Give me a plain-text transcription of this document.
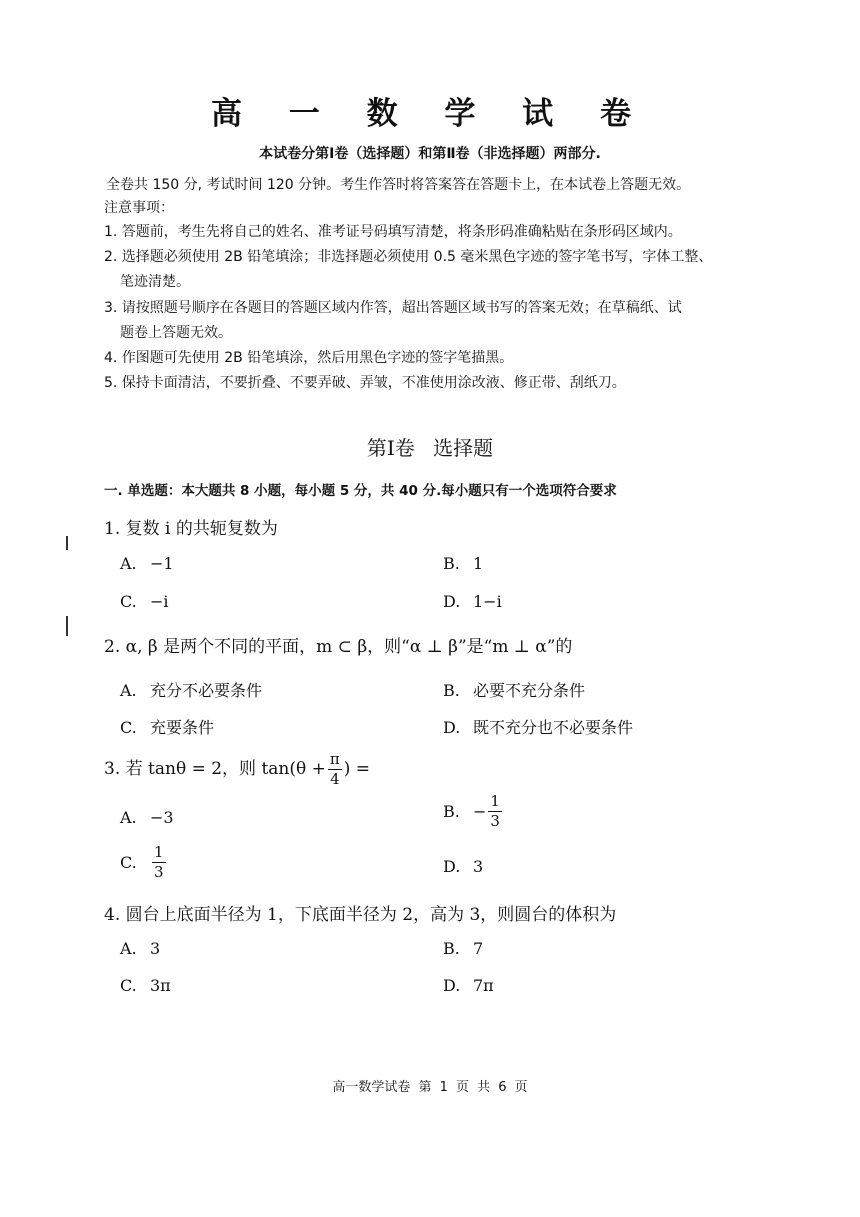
高 一 数 学 试 卷
本试卷分第Ⅰ卷（选择题）和第Ⅱ卷（非选择题）两部分.
全卷共 150 分, 考试时间 120 分钟。考生作答时将答案答在答题卡上，在本试卷上答题无效。
注意事项：
1. 答题前，考生先将自己的姓名、准考证号码填写清楚，将条形码准确粘贴在条形码区域内。
2. 选择题必须使用 2B 铅笔填涂；非选择题必须使用 0.5 毫米黑色字迹的签字笔书写，字体工整、
笔迹清楚。
3. 请按照题号顺序在各题目的答题区域内作答，超出答题区域书写的答案无效；在草稿纸、试
题卷上答题无效。
4. 作图题可先使用 2B 铅笔填涂，然后用黑色字迹的签字笔描黑。
5. 保持卡面清洁，不要折叠、不要弄破、弄皱，不准使用涂改液、修正带、刮纸刀。
第Ⅰ卷 选择题
一. 单选题：本大题共 8 小题，每小题 5 分，共 40 分.每小题只有一个选项符合要求
1. 复数 i 的共轭复数为
A. −1	B. 1
C. −i	D. 1−i
2. α, β 是两个不同的平面，m ⊂ β，则“α ⊥ β”是“m ⊥ α”的
A. 充分不必要条件	B. 必要不充分条件
C. 充要条件	D. 既不充分也不必要条件
3. 若 tanθ = 2，则 $\tan(\theta + \frac{\pi}{4}$ ) =
A. −3	B. − $\frac{1}{3}$
C. $\frac{1}{3}$	D. 3
4. 圆台上底面半径为 1，下底面半径为 2，高为 3，则圆台的体积为
A. 3	B. 7
C. 3π	D. 7π
高一数学试卷 第 1 页 共 6 页
